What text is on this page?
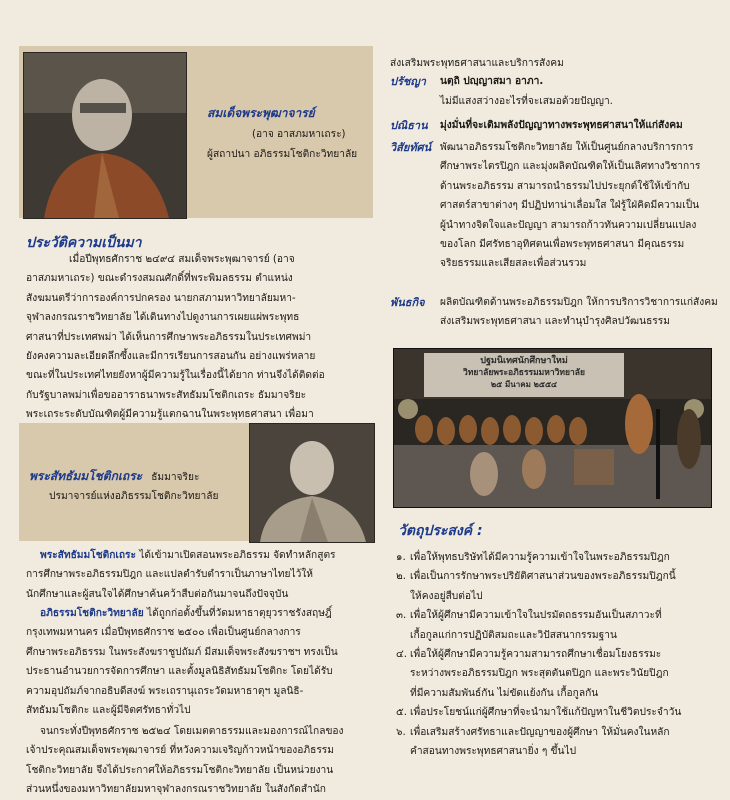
สมเด็จพระพุฒาจารย์
(อาจ อาสภมหาเถระ)
ผู้สถาปนา อภิธรรมโชติกะวิทยาลัย
ประวัติความเป็นมา
เมื่อปีพุทธศักราช ๒๔๙๔ สมเด็จพระพุฒาจารย์ (อาจ
อาสภมหาเถระ) ขณะดำรงสมณศักดิ์ที่พระพิมลธรรม ตำแหน่ง
สังฆมนตรีว่าการองค์การปกครอง นายกสภามหาวิทยาลัยมหา-
จุฬาลงกรณราชวิทยาลัย ได้เดินทางไปดูงานการเผยแผ่พระพุทธ
ศาสนาที่ประเทศพม่า ได้เห็นการศึกษาพระอภิธรรมในประเทศพม่า
ยังคงความละเอียดลึกซึ้งและมีการเรียนการสอนกัน อย่างแพร่หลาย
ขณะที่ในประเทศไทยยังหาผู้มีความรู้ในเรื่องนี้ได้ยาก ท่านจึงได้ติดต่อ
กับรัฐบาลพม่าเพื่อขออาราธนาพระสัทธัมมโชติกเถระ ธัมมาจริยะ
พระเถระระดับบัณฑิตผู้มีความรู้แตกฉานในพระพุทธศาสนา เพื่อมา
พระสัทธัมมโชติกเถระ ธัมมาจริยะ
ปรมาจารย์แห่งอภิธรรมโชติกะวิทยาลัย
พระสัทธัมมโชติกเถระ ได้เข้ามาเปิดสอนพระอภิธรรม จัดทำหลักสูตร
การศึกษาพระอภิธรรมปิฎก และแปลตำรับตำราเป็นภาษาไทยไว้ให้
นักศึกษาและผู้สนใจได้ศึกษาค้นคว้าสืบต่อกันมาจนถึงปัจจุบัน
อภิธรรมโชติกะวิทยาลัย ได้ถูกก่อตั้งขึ้นที่วัดมหาธาตุยุวราชรังสฤษฎิ์
กรุงเทพมหานคร เมื่อปีพุทธศักราช ๒๕๐๐ เพื่อเป็นศูนย์กลางการ
ศึกษาพระอภิธรรม ในพระสังฆราชูปถัมภ์ มีสมเด็จพระสังฆราชฯ ทรงเป็น
ประธานอำนวยการจัดการศึกษา และตั้งมูลนิธิสัทธัมมโชติกะ โดยได้รับ
ความอุปถัมภ์จากอธิบดีสงฆ์ พระเถรานุเถระวัดมหาธาตุฯ มูลนิธิ-
สัทธัมมโชติกะ และผู้มีจิตศรัทธาทั่วไป
จนกระทั่งปีพุทธศักราช ๒๕๒๔ โดยเมตตาธรรมและมองการณ์ไกลของ
เจ้าประคุณสมเด็จพระพุฒาจารย์ ที่หวังความเจริญก้าวหน้าของอภิธรรม
โชติกะวิทยาลัย จึงได้ประกาศให้อภิธรรมโชติกะวิทยาลัย เป็นหน่วยงาน
ส่วนหนึ่งของมหาวิทยาลัยมหาจุฬาลงกรณราชวิทยาลัย ในสังกัดสำนัก
ส่งเสริมพระพุทธศาสนาและบริการสังคม
ปรัชญา นตฺถิ ปญฺญาสมา อาภา.
ไม่มีแสงสว่างอะไรที่จะเสมอด้วยปัญญา.
ปณิธาน มุ่งมั่นที่จะเติมพลังปัญญาทางพระพุทธศาสนาให้แก่สังคม
วิสัยทัศน์ พัฒนาอภิธรรมโชติกะวิทยาลัย ให้เป็นศูนย์กลางบริการการ
ศึกษาพระไตรปิฎก และมุ่งผลิตบัณฑิตให้เป็นเลิศทางวิชาการ
ด้านพระอภิธรรม สามารถนำธรรมไปประยุกต์ใช้ให้เข้ากับ
ศาสตร์สาขาต่างๆ มีปฏิปทาน่าเลื่อมใส ใฝ่รู้ใฝ่คิดมีความเป็น
ผู้นำทางจิตใจและปัญญา สามารถก้าวทันความเปลี่ยนแปลง
ของโลก มีศรัทธาอุทิศตนเพื่อพระพุทธศาสนา มีคุณธรรม
จริยธรรมและเสียสละเพื่อส่วนรวม
พันธกิจ ผลิตบัณฑิตด้านพระอภิธรรมปิฎก ให้การบริการวิชาการแก่สังคม
ส่งเสริมพระพุทธศาสนา และทำนุบำรุงศิลปวัฒนธรรม
ปฐมนิเทศนักศึกษาใหม่
วิทยาลัยพระอภิธรรมมหาวิทยาลัย
๒๕ มีนาคม ๒๕๕๔
วัตถุประสงค์ :
๑. เพื่อให้พุทธบริษัทได้มีความรู้ความเข้าใจในพระอภิธรรมปิฎก
๒. เพื่อเป็นการรักษาพระปริยัติศาสนาส่วนของพระอภิธรรมปิฎกนี้
ให้คงอยู่สืบต่อไป
๓. เพื่อให้ผู้ศึกษามีความเข้าใจในปรมัตถธรรมอันเป็นสภาวะที่
เกื้อกูลแก่การปฏิบัติสมถะและวิปัสสนากรรมฐาน
๔. เพื่อให้ผู้ศึกษามีความรู้ความสามารถศึกษาเชื่อมโยงธรรมะ
ระหว่างพระอภิธรรมปิฎก พระสุตตันตปิฎก และพระวินัยปิฎก
ที่มีความสัมพันธ์กัน ไม่ขัดแย้งกัน เกื้อกูลกัน
๕. เพื่อประโยชน์แก่ผู้ศึกษาที่จะนำมาใช้แก้ปัญหาในชีวิตประจำวัน
๖. เพื่อเสริมสร้างศรัทธาและปัญญาของผู้ศึกษา ให้มั่นคงในหลัก
คำสอนทางพระพุทธศาสนายิ่ง ๆ ขึ้นไป
